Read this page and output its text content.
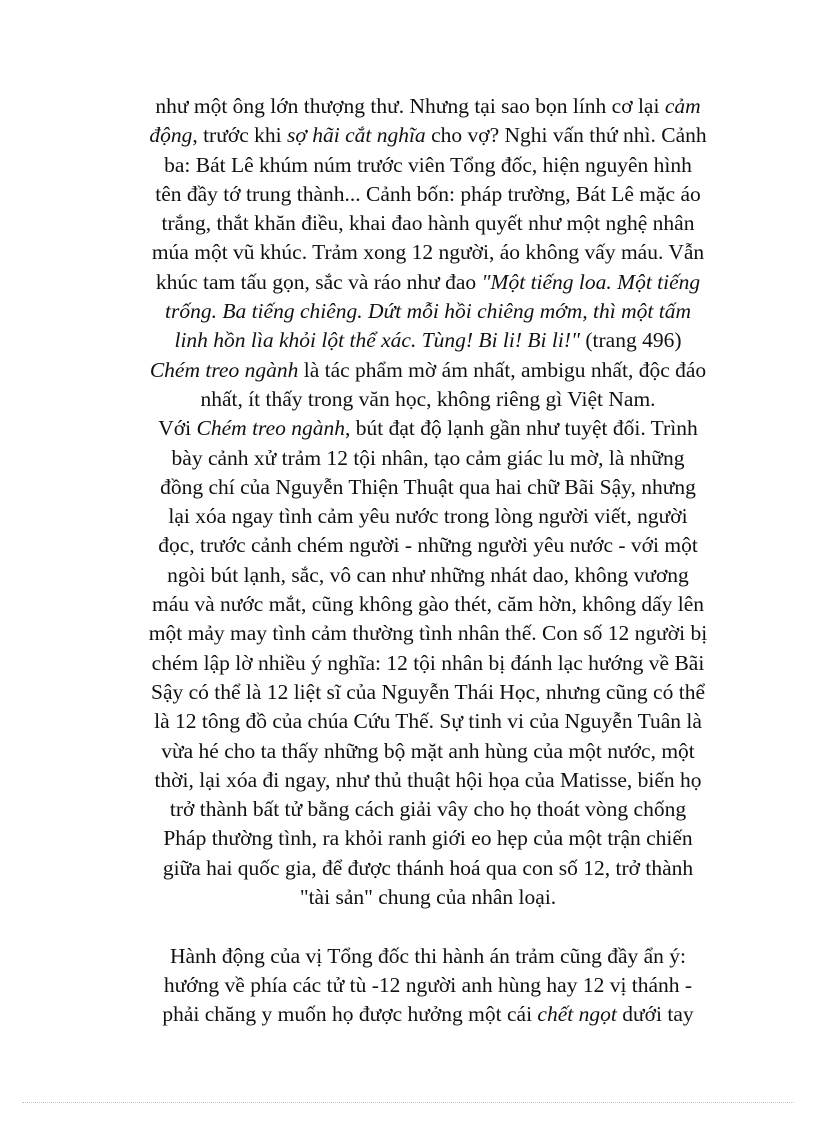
như một ông lớn thượng thư. Nhưng tại sao bọn lính cơ lại cảm
động, trước khi sợ hãi cắt nghĩa cho vợ? Nghi vấn thứ nhì. Cảnh
ba: Bát Lê khúm núm trước viên Tổng đốc, hiện nguyên hình
tên đầy tớ trung thành... Cảnh bốn: pháp trường, Bát Lê mặc áo
trắng, thắt khăn điều, khai đao hành quyết như một nghệ nhân
múa một vũ khúc. Trảm xong 12 người, áo không vấy máu. Vẫn
khúc tam tấu gọn, sắc và ráo như đao "Một tiếng loa. Một tiếng
trống. Ba tiếng chiêng. Dứt mỗi hồi chiêng mớm, thì một tấm
linh hồn lìa khỏi lột thể xác. Tùng! Bi li! Bi li!" (trang 496)
Chém treo ngành là tác phẩm mờ ám nhất, ambigu nhất, độc đáo
nhất, ít thấy trong văn học, không riêng gì Việt Nam.
Với Chém treo ngành, bút đạt độ lạnh gần như tuyệt đối. Trình
bày cảnh xử trảm 12 tội nhân, tạo cảm giác lu mờ, là những
đồng chí của Nguyễn Thiện Thuật qua hai chữ Bãi Sậy, nhưng
lại xóa ngay tình cảm yêu nước trong lòng người viết, người
đọc, trước cảnh chém người - những người yêu nước - với một
ngòi bút lạnh, sắc, vô can như những nhát dao, không vương
máu và nước mắt, cũng không gào thét, căm hờn, không dấy lên
một mảy may tình cảm thường tình nhân thế. Con số 12 người bị
chém lập lờ nhiều ý nghĩa: 12 tội nhân bị đánh lạc hướng về Bãi
Sậy có thể là 12 liệt sĩ của Nguyễn Thái Học, nhưng cũng có thể
là 12 tông đồ của chúa Cứu Thế. Sự tinh vi của Nguyễn Tuân là
vừa hé cho ta thấy những bộ mặt anh hùng của một nước, một
thời, lại xóa đi ngay, như thủ thuật hội họa của Matisse, biến họ
trở thành bất tử bằng cách giải vây cho họ thoát vòng chống
Pháp thường tình, ra khỏi ranh giới eo hẹp của một trận chiến
giữa hai quốc gia, để được thánh hoá qua con số 12, trở thành
"tài sản" chung của nhân loại.
Hành động của vị Tổng đốc thi hành án trảm cũng đầy ẩn ý:
hướng về phía các tử tù -12 người anh hùng hay 12 vị thánh -
phải chăng y muốn họ được hưởng một cái chết ngọt dưới tay
